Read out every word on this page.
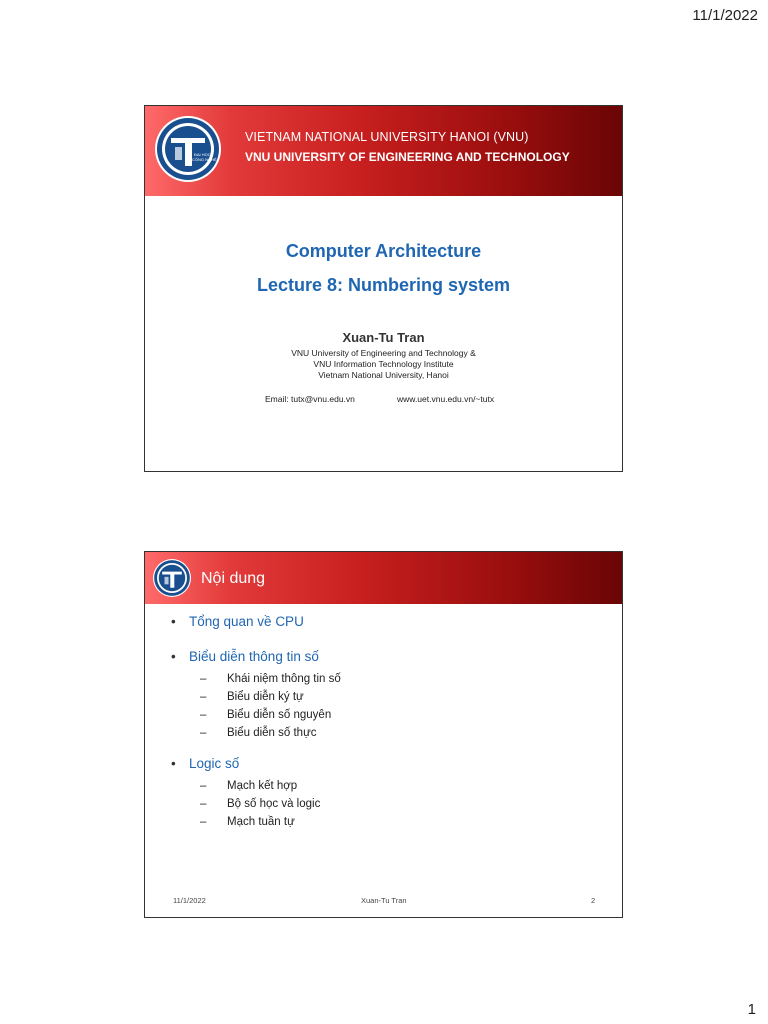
11/1/2022
ĐẠI HỌC
CÔNG NGHỆ
VIETNAM NATIONAL UNIVERSITY HANOI (VNU)
VNU UNIVERSITY OF ENGINEERING AND TECHNOLOGY
Computer Architecture
Lecture 8: Numbering system
Xuan-Tu Tran
VNU University of Engineering and Technology &
VNU Information Technology Institute
Vietnam National University, Hanoi
Email: tutx@vnu.edu.vn	www.uet.vnu.edu.vn/~tutx
Nội dung
• Tổng quan về CPU
• Biểu diễn thông tin số
– Khái niệm thông tin số
– Biểu diễn ký tự
– Biểu diễn số nguyên
– Biểu diễn số thực
• Logic số
– Mạch kết hợp
– Bộ số học và logic
– Mạch tuần tự
11/1/2022	Xuan-Tu Tran	2
1
